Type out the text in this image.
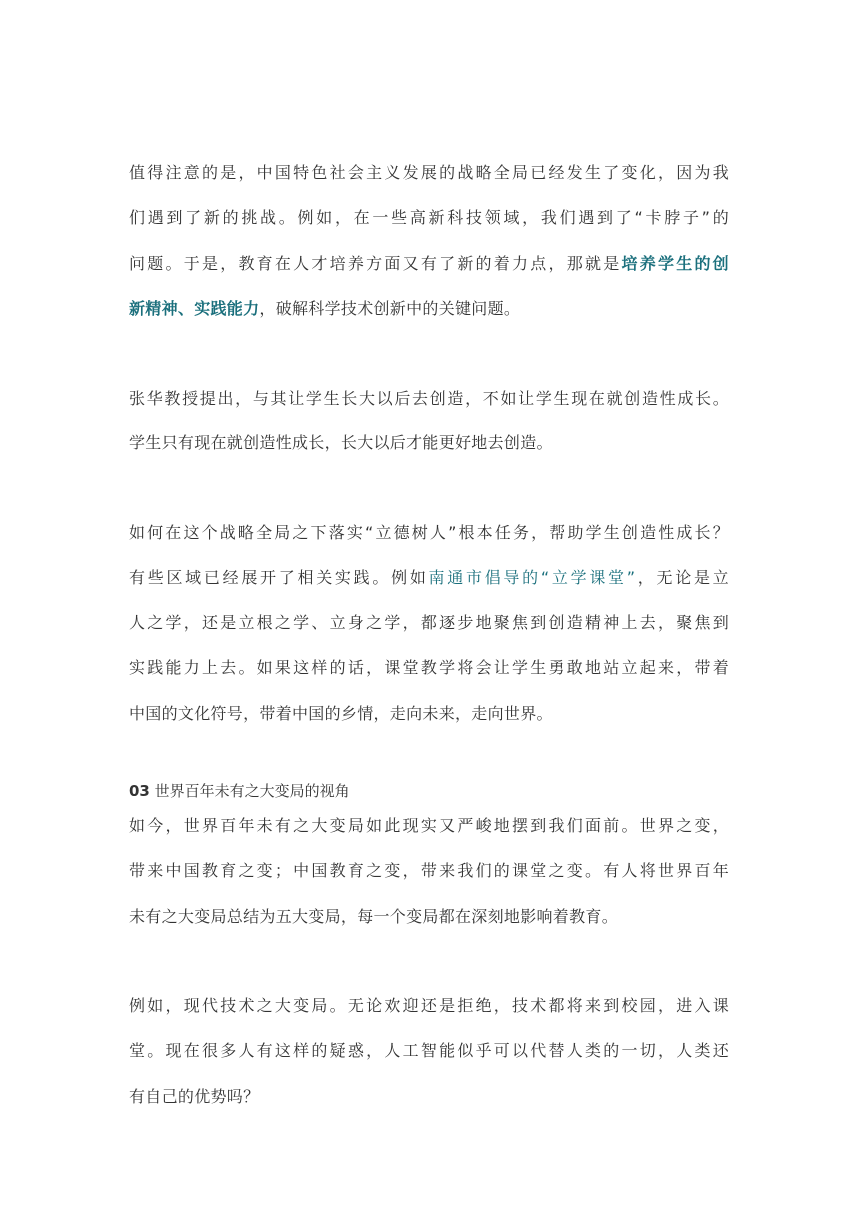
值得注意的是，中国特色社会主义发展的战略全局已经发生了变化，因为我
们遇到了新的挑战。例如，在一些高新科技领域，我们遇到了“卡脖子”的
问题。于是，教育在人才培养方面又有了新的着力点，那就是培养学生的创
新精神、实践能力，破解科学技术创新中的关键问题。
张华教授提出，与其让学生长大以后去创造，不如让学生现在就创造性成长。
学生只有现在就创造性成长，长大以后才能更好地去创造。
如何在这个战略全局之下落实“立德树人”根本任务，帮助学生创造性成长？
有些区域已经展开了相关实践。例如南通市倡导的“立学课堂”，无论是立
人之学，还是立根之学、立身之学，都逐步地聚焦到创造精神上去，聚焦到
实践能力上去。如果这样的话，课堂教学将会让学生勇敢地站立起来，带着
中国的文化符号，带着中国的乡情，走向未来，走向世界。
03 世界百年未有之大变局的视角
如今，世界百年未有之大变局如此现实又严峻地摆到我们面前。世界之变，
带来中国教育之变；中国教育之变，带来我们的课堂之变。有人将世界百年
未有之大变局总结为五大变局，每一个变局都在深刻地影响着教育。
例如，现代技术之大变局。无论欢迎还是拒绝，技术都将来到校园，进入课
堂。现在很多人有这样的疑惑，人工智能似乎可以代替人类的一切，人类还
有自己的优势吗？
